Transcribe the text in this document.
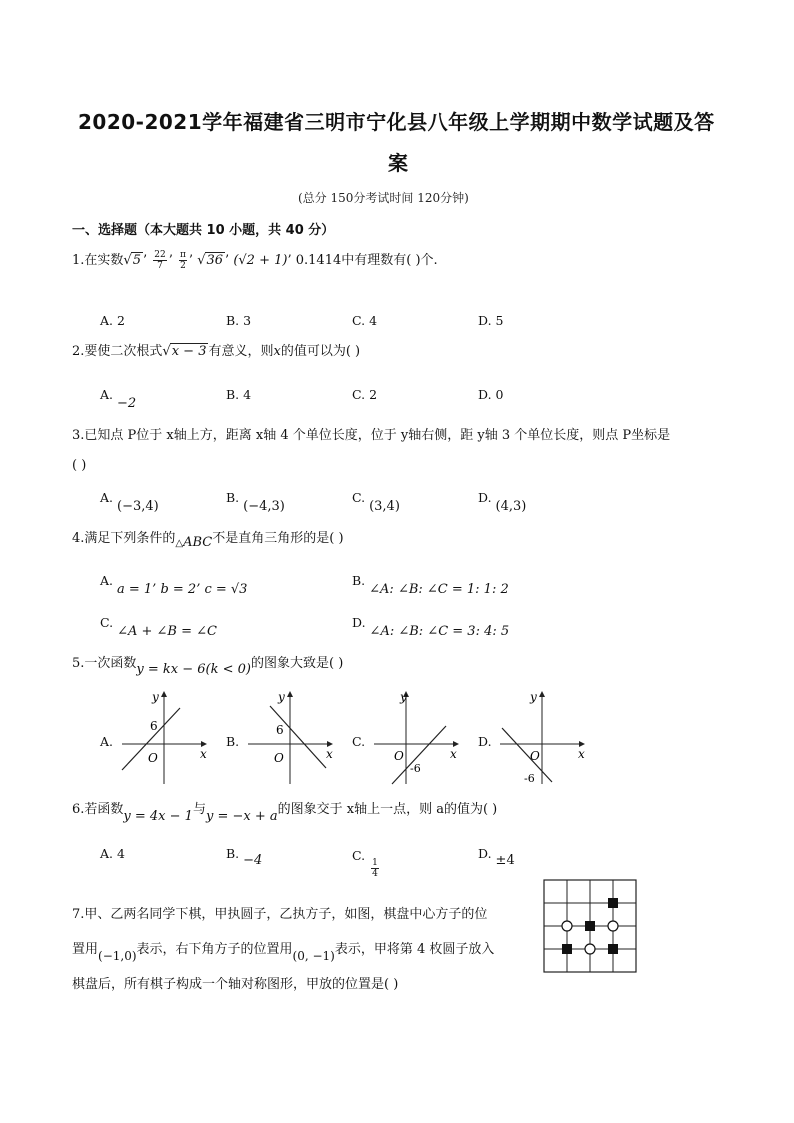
2020-2021学年福建省三明市宁化县八年级上学期期中数学试题及答
案
(总分 150分考试时间 120分钟)
一、选择题（本大题共 10 小题，共 40 分）
1.在实数√5 ’ $\frac{22}{7}$ ’ $\frac{\pi}{2}$ ’ √36 ’ (√2 + 1)’ 0.1414中有理数有( )个.
A. 2	B. 3	C. 4	D. 5
2.要使二次根式√x − 3 有意义，则x的值可以为( )
A. −2
B. 4	C. 2	D. 0
3.已知点 P位于 x轴上方，距离 x轴 4 个单位长度，位于 y轴右侧，距 y轴 3 个单位长度，则点 P坐标是
( )
A. (−3,4)
B. (−4,3)
C. (3,4)
D. (4,3)
4.满足下列条件的$_\triangle$ABC不是直角三角形的是( )
A. a = 1’ b = 2’ c = √3
B. ∠A: ∠B: ∠C = 1: 1: 2
C. ∠A + ∠B = ∠C
D. ∠A: ∠B: ∠C = 3: 4: 5
5.一次函数y = kx − 6(k < 0)的图象大致是( )
A.	B.	C.	D.
y
x
O
6
y
x
O
6
y
x
O
-6
y
x
O
-6
6.若函数y = 4x − 1与y = −x + a的图象交于 x轴上一点，则 a的值为( )
A. 4	B. −4	C.
$\frac{1}{4}$
D. ±4
7.甲、乙两名同学下棋，甲执圆子，乙执方子，如图，棋盘中心方子的位
置用(−1,0)表示，右下角方子的位置用(0, −1)表示，甲将第 4 枚圆子放入
棋盘后，所有棋子构成一个轴对称图形，甲放的位置是( )
